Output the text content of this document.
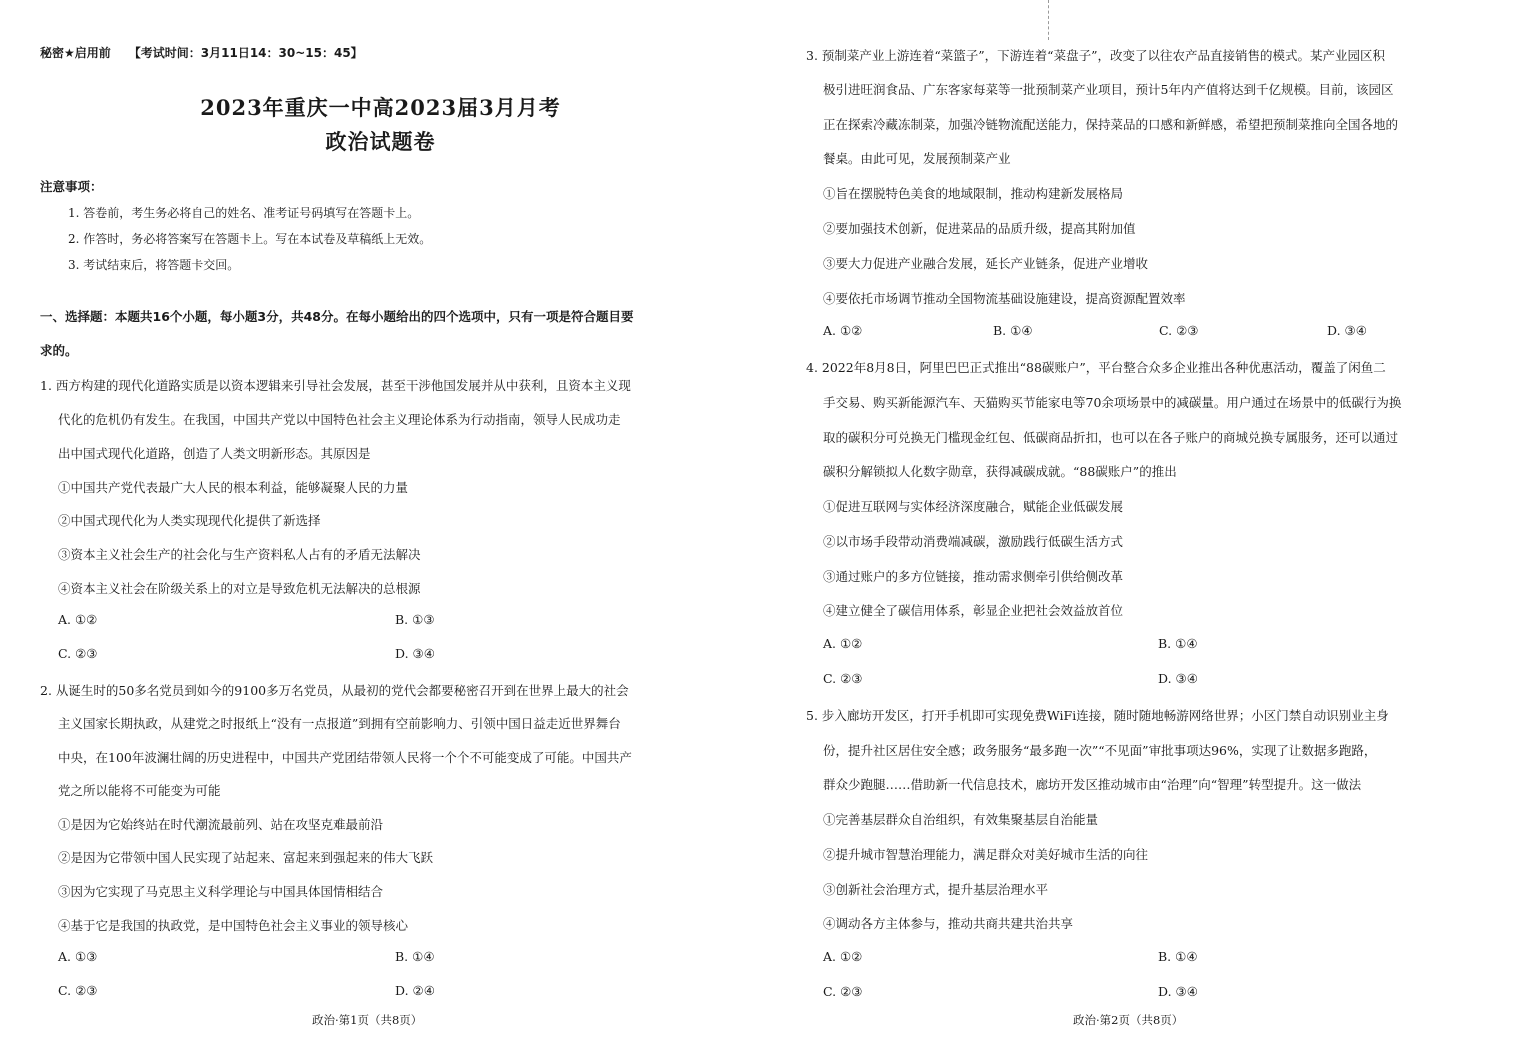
秘密★启用前 【考试时间：3月11日14：30~15：45】
2023年重庆一中高2023届3月月考
政治试题卷
注意事项：
1. 答卷前，考生务必将自己的姓名、准考证号码填写在答题卡上。
2. 作答时，务必将答案写在答题卡上。写在本试卷及草稿纸上无效。
3. 考试结束后，将答题卡交回。
一、选择题：本题共16个小题，每小题3分，共48分。在每小题给出的四个选项中，只有一项是符合题目要
求的。
1. 西方构建的现代化道路实质是以资本逻辑来引导社会发展，甚至干涉他国发展并从中获利，且资本主义现
代化的危机仍有发生。在我国，中国共产党以中国特色社会主义理论体系为行动指南，领导人民成功走
出中国式现代化道路，创造了人类文明新形态。其原因是
①中国共产党代表最广大人民的根本利益，能够凝聚人民的力量
②中国式现代化为人类实现现代化提供了新选择
③资本主义社会生产的社会化与生产资料私人占有的矛盾无法解决
④资本主义社会在阶级关系上的对立是导致危机无法解决的总根源
A. ①②	B. ①③
C. ②③	D. ③④
2. 从诞生时的50多名党员到如今的9100多万名党员，从最初的党代会都要秘密召开到在世界上最大的社会
主义国家长期执政，从建党之时报纸上“没有一点报道”到拥有空前影响力、引领中国日益走近世界舞台
中央，在100年波澜壮阔的历史进程中，中国共产党团结带领人民将一个个不可能变成了可能。中国共产
党之所以能将不可能变为可能
①是因为它始终站在时代潮流最前列、站在攻坚克难最前沿
②是因为它带领中国人民实现了站起来、富起来到强起来的伟大飞跃
③因为它实现了马克思主义科学理论与中国具体国情相结合
④基于它是我国的执政党，是中国特色社会主义事业的领导核心
A. ①③	B. ①④
C. ②③	D. ②④
政治·第1页（共8页）
3. 预制菜产业上游连着“菜篮子”，下游连着“菜盘子”，改变了以往农产品直接销售的模式。某产业园区积
极引进旺润食品、广东客家每菜等一批预制菜产业项目，预计5年内产值将达到千亿规模。目前，该园区
正在探索冷藏冻制菜，加强冷链物流配送能力，保持菜品的口感和新鲜感，希望把预制菜推向全国各地的
餐桌。由此可见，发展预制菜产业
①旨在摆脱特色美食的地域限制，推动构建新发展格局
②要加强技术创新，促进菜品的品质升级，提高其附加值
③要大力促进产业融合发展，延长产业链条，促进产业增收
④要依托市场调节推动全国物流基础设施建设，提高资源配置效率
A. ①②	B. ①④	C. ②③	D. ③④
4. 2022年8月8日，阿里巴巴正式推出“88碳账户”，平台整合众多企业推出各种优惠活动，覆盖了闲鱼二
手交易、购买新能源汽车、天猫购买节能家电等70余项场景中的减碳量。用户通过在场景中的低碳行为换
取的碳积分可兑换无门槛现金红包、低碳商品折扣，也可以在各子账户的商城兑换专属服务，还可以通过
碳积分解锁拟人化数字勋章，获得减碳成就。“88碳账户”的推出
①促进互联网与实体经济深度融合，赋能企业低碳发展
②以市场手段带动消费端减碳，激励践行低碳生活方式
③通过账户的多方位链接，推动需求侧牵引供给侧改革
④建立健全了碳信用体系，彰显企业把社会效益放首位
A. ①②	B. ①④
C. ②③	D. ③④
5. 步入廊坊开发区，打开手机即可实现免费WiFi连接，随时随地畅游网络世界；小区门禁自动识别业主身
份，提升社区居住安全感；政务服务“最多跑一次”“不见面”审批事项达96%，实现了让数据多跑路，
群众少跑腿……借助新一代信息技术，廊坊开发区推动城市由“治理”向“智理”转型提升。这一做法
①完善基层群众自治组织，有效集聚基层自治能量
②提升城市智慧治理能力，满足群众对美好城市生活的向往
③创新社会治理方式，提升基层治理水平
④调动各方主体参与，推动共商共建共治共享
A. ①②	B. ①④
C. ②③	D. ③④
政治·第2页（共8页）
